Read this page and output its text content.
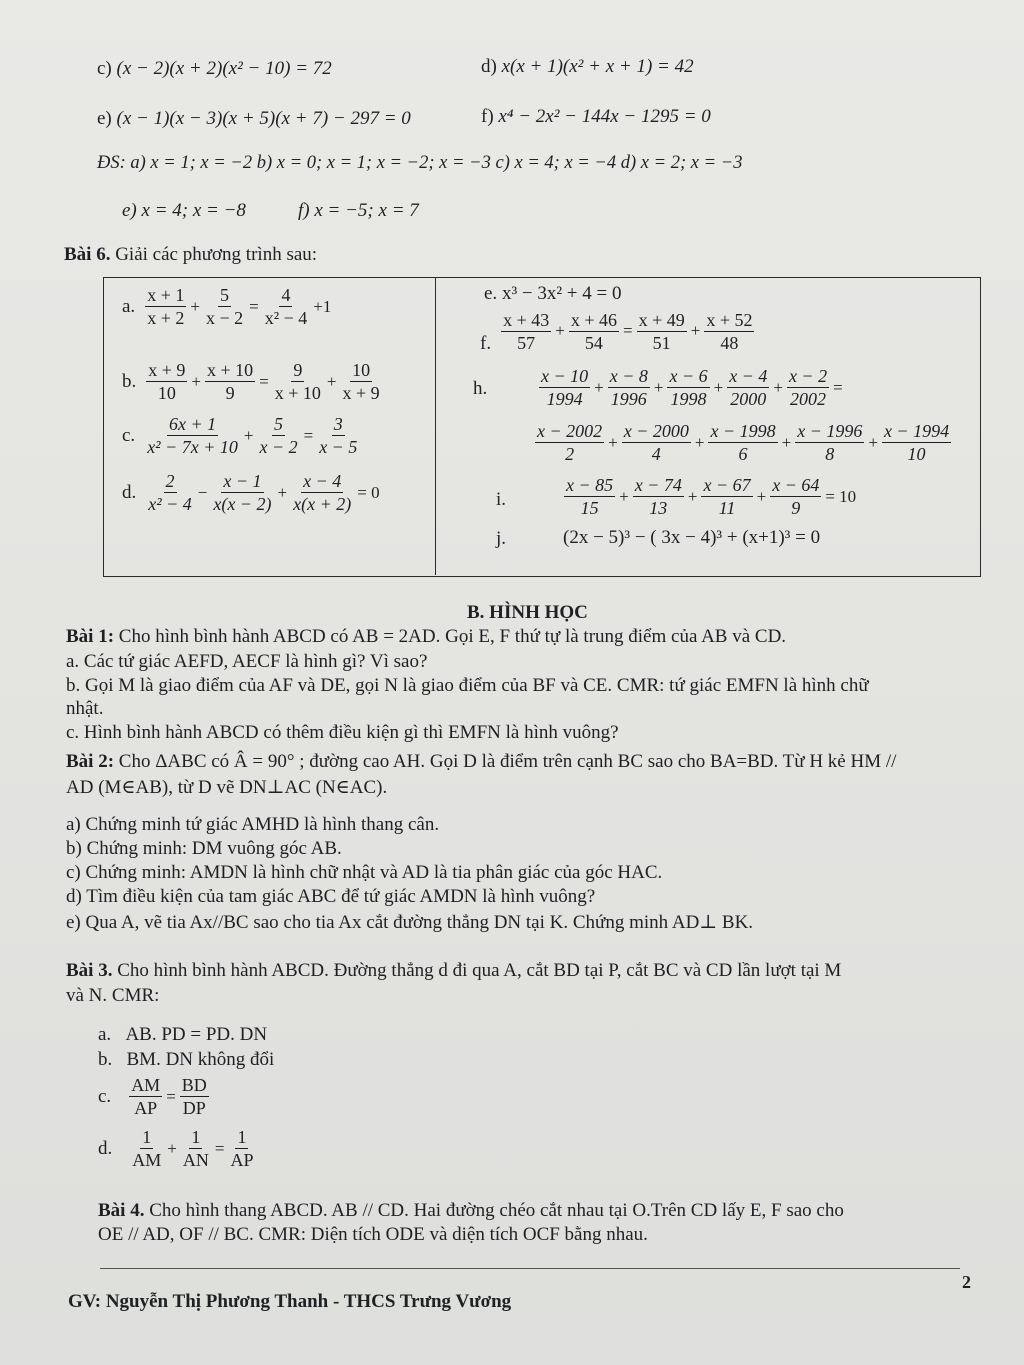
c) (x − 2)(x + 2)(x² − 10) = 72	d) x(x + 1)(x² + x + 1) = 42
e) (x − 1)(x − 3)(x + 5)(x + 7) − 297 = 0	f) x⁴ − 2x² − 144x − 1295 = 0
ĐS: a) x = 1; x = −2 b) x = 0; x = 1; x = −2; x = −3 c) x = 4; x = −4 d) x = 2; x = −3
e) x = 4; x = −8	f) x = −5; x = 7
Bài 6. Giải các phương trình sau:
a. $\frac{x + 1}{x + 2} + \frac{5}{x - 2} = \frac{4}{\text{x² − 4}} +1$
b. $\frac{x + 9}{10} + \frac{x + 10}{9} = \frac{9}{x + 10} + \frac{10}{x + 9}$
c. $\frac{6x + 1}{\text{x² − 7x + 10}} + \frac{5}{x - 2} = \frac{3}{x - 5}$
d. $\frac{2}{\text{x² − 4}} - \frac{x - 1}{x(x - 2)} + \frac{x - 4}{x(x + 2)} = 0$
e. x³ − 3x² + 4 = 0
f. $\frac{x + 43}{57} + \frac{x + 46}{54} = \frac{x + 49}{51} + \frac{x + 52}{48}$
h.	$\frac{x - 10}{1994} + \frac{x - 8}{1996} + \frac{x - 6}{1998} + \frac{x - 4}{2000} + \frac{x - 2}{2002}$ =
$\frac{x - 2002}{2} + \frac{x - 2000}{4} + \frac{x - 1998}{6} + \frac{x - 1996}{8} + \frac{x - 1994}{10}$
i.	$\frac{x - 85}{15} + \frac{x - 74}{13} + \frac{x - 67}{11} + \frac{x - 64}{9} = 10$
j.	(2x − 5)³ − ( 3x − 4)³ + (x+1)³ = 0
B. HÌNH HỌC
Bài 1: Cho hình bình hành ABCD có AB = 2AD. Gọi E, F thứ tự là trung điểm của AB và CD.
a. Các tứ giác AEFD, AECF là hình gì? Vì sao?
b. Gọi M là giao điểm của AF và DE, gọi N là giao điểm của BF và CE. CMR: tứ giác EMFN là hình chữ
nhật.
c. Hình bình hành ABCD có thêm điều kiện gì thì EMFN là hình vuông?
Bài 2: Cho ΔABC có Â = 90° ; đường cao AH. Gọi D là điểm trên cạnh BC sao cho BA=BD. Từ H kẻ HM //
AD (M∈AB), từ D vẽ DN⊥AC (N∈AC).
a) Chứng minh tứ giác AMHD là hình thang cân.
b) Chứng minh: DM vuông góc AB.
c) Chứng minh: AMDN là hình chữ nhật và AD là tia phân giác của góc HAC.
d) Tìm điều kiện của tam giác ABC để tứ giác AMDN là hình vuông?
e) Qua A, vẽ tia Ax//BC sao cho tia Ax cắt đường thẳng DN tại K. Chứng minh AD⊥ BK.
Bài 3. Cho hình bình hành ABCD. Đường thẳng d đi qua A, cắt BD tại P, cắt BC và CD lần lượt tại M
và N. CMR:
a. AB. PD = PD. DN
b. BM. DN không đổi
c. $\frac{AM}{AP} = \frac{BD}{DP}$
d. $\frac{1}{AM} + \frac{1}{AN} = \frac{1}{AP}$
Bài 4. Cho hình thang ABCD. AB // CD. Hai đường chéo cắt nhau tại O.Trên CD lấy E, F sao cho
OE // AD, OF // BC. CMR: Diện tích ODE và diện tích OCF bằng nhau.
2
GV: Nguyễn Thị Phương Thanh - THCS Trưng Vương
